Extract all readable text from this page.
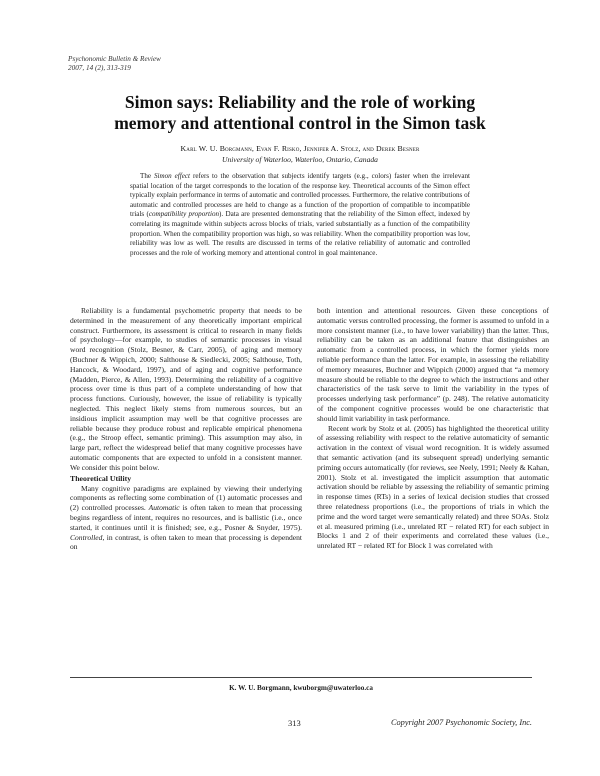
Psychonomic Bulletin & Review
2007, 14 (2), 313-319
Simon says: Reliability and the role of working
memory and attentional control in the Simon task
Karl W. U. Borgmann, Evan F. Risko, Jennifer A. Stolz, and Derek Besner
University of Waterloo, Waterloo, Ontario, Canada
The Simon effect refers to the observation that subjects identify targets (e.g., colors) faster when the irrelevant spatial location of the target corresponds to the location of the response key. Theoretical accounts of the Simon effect typically explain performance in terms of automatic and controlled processes. Furthermore, the relative contributions of automatic and controlled processes are held to change as a function of the proportion of compatible to incompatible trials (compatibility proportion). Data are presented demonstrating that the reliability of the Simon effect, indexed by correlating its magnitude within subjects across blocks of trials, varied substantially as a function of the compatibility proportion. When the compatibility proportion was high, so was reliability. When the compatibility proportion was low, reliability was low as well. The results are discussed in terms of the relative reliability of automatic and controlled processes and the role of working memory and attentional control in goal maintenance.

Reliability is a fundamental psychometric property that needs to be determined in the measurement of any theoretically important empirical construct. Furthermore, its assessment is critical to research in many fields of psychology—for example, to studies of semantic processes in visual word recognition (Stolz, Besner, & Carr, 2005), of aging and memory (Buchner & Wippich, 2000; Salthouse & Siedlecki, 2005; Salthouse, Toth, Hancock, & Woodard, 1997), and of aging and cognitive performance (Madden, Pierce, & Allen, 1993). Determining the reliability of a cognitive process over time is thus part of a complete understanding of how that process functions. Curiously, however, the issue of reliability is typically neglected. This neglect likely stems from numerous sources, but an insidious implicit assumption may well be that cognitive processes are reliable because they produce robust and replicable empirical phenomena (e.g., the Stroop effect, semantic priming). This assumption may also, in large part, reflect the widespread belief that many cognitive processes have automatic components that are expected to unfold in a consistent manner. We consider this point below.

Theoretical Utility

Many cognitive paradigms are explained by viewing their underlying components as reflecting some combination of (1) automatic processes and (2) controlled processes. Automatic is often taken to mean that processing begins regardless of intent, requires no resources, and is ballistic (i.e., once started, it continues until it is finished; see, e.g., Posner & Snyder, 1975). Controlled, in contrast, is often taken to mean that processing is dependent on

both intention and attentional resources. Given these conceptions of automatic versus controlled processing, the former is assumed to unfold in a more consistent manner (i.e., to have lower variability) than the latter. Thus, reliability can be taken as an additional feature that distinguishes an automatic from a controlled process, in which the former yields more reliable performance than the latter. For example, in assessing the reliability of memory measures, Buchner and Wippich (2000) argued that “a memory measure should be reliable to the degree to which the instructions and other characteristics of the task serve to limit the variability in the types of processes underlying task performance” (p. 248). The relative automaticity of the component cognitive processes would be one characteristic that should limit variability in task performance.

Recent work by Stolz et al. (2005) has highlighted the theoretical utility of assessing reliability with respect to the relative automaticity of semantic activation in the context of visual word recognition. It is widely assumed that semantic activation (and its subsequent spread) underlying semantic priming occurs automatically (for reviews, see Neely, 1991; Neely & Kahan, 2001). Stolz et al. investigated the implicit assumption that automatic activation should be reliable by assessing the reliability of semantic priming in response times (RTs) in a series of lexical decision studies that crossed three relatedness proportions (i.e., the proportions of trials in which the prime and the word target were semantically related) and three SOAs. Stolz et al. measured priming (i.e., unrelated RT − related RT) for each subject in Blocks 1 and 2 of their experiments and correlated these values (i.e., unrelated RT − related RT for Block 1 was correlated with

K. W. U. Borgmann, kwuborgm@uwaterloo.ca
313	Copyright 2007 Psychonomic Society, Inc.
